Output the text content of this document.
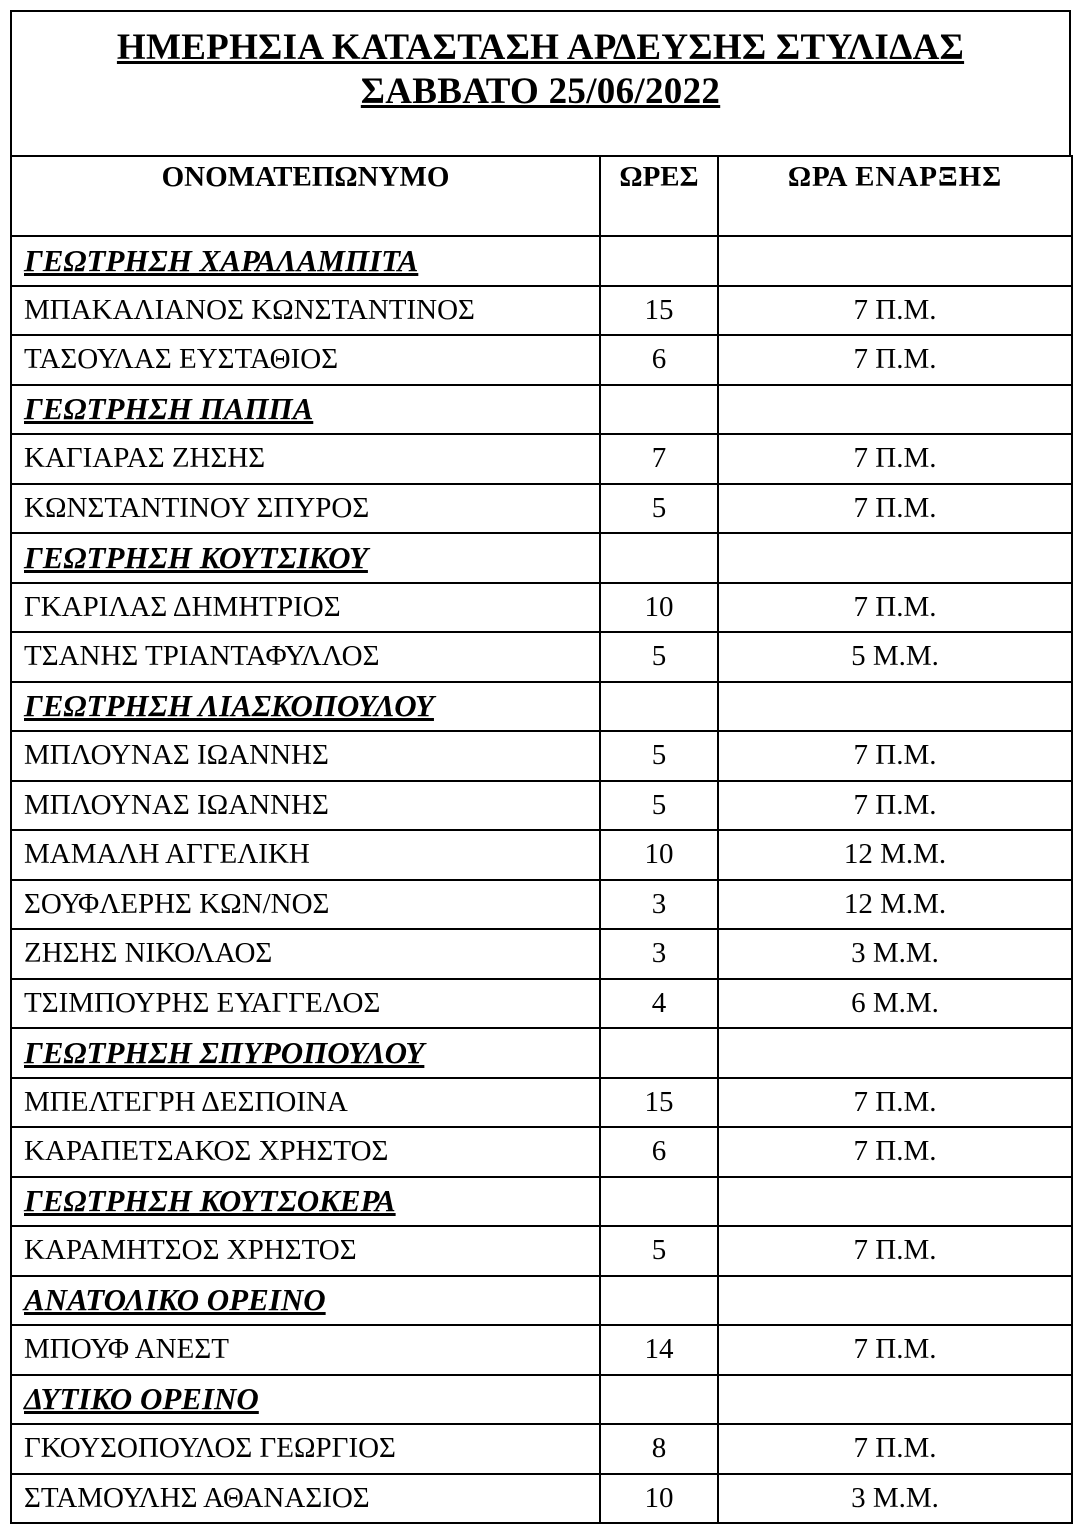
ΗΜΕΡΗΣΙΑ ΚΑΤΑΣΤΑΣΗ ΑΡΔΕΥΣΗΣ ΣΤΥΛΙΔΑΣ
ΣΑΒΒΑΤΟ 25/06/2022
ΟΝΟΜΑΤΕΠΩΝΥΜΟ	ΩΡΕΣ	ΩΡΑ ΕΝΑΡΞΗΣ
ΓΕΩΤΡΗΣΗ ΧΑΡΑΛΑΜΠΙΤΑ		
ΜΠΑΚΑΛΙΑΝΟΣ ΚΩΝΣΤΑΝΤΙΝΟΣ	15	7 Π.Μ.
ΤΑΣΟΥΛΑΣ ΕΥΣΤΑΘΙΟΣ	6	7 Π.Μ.
ΓΕΩΤΡΗΣΗ ΠΑΠΠΑ		
ΚΑΓΙΑΡΑΣ ΖΗΣΗΣ	7	7 Π.Μ.
ΚΩΝΣΤΑΝΤΙΝΟΥ ΣΠΥΡΟΣ	5	7 Π.Μ.
ΓΕΩΤΡΗΣΗ ΚΟΥΤΣΙΚΟΥ		
ΓΚΑΡΙΛΑΣ ΔΗΜΗΤΡΙΟΣ	10	7 Π.Μ.
ΤΣΑΝΗΣ ΤΡΙΑΝΤΑΦΥΛΛΟΣ	5	5 Μ.Μ.
ΓΕΩΤΡΗΣΗ ΛΙΑΣΚΟΠΟΥΛΟΥ		
ΜΠΛΟΥΝΑΣ ΙΩΑΝΝΗΣ	5	7 Π.Μ.
ΜΠΛΟΥΝΑΣ ΙΩΑΝΝΗΣ	5	7 Π.Μ.
ΜΑΜΑΛΗ ΑΓΓΕΛΙΚΗ	10	12 Μ.Μ.
ΣΟΥΦΛΕΡΗΣ ΚΩΝ/ΝΟΣ	3	12 Μ.Μ.
ΖΗΣΗΣ ΝΙΚΟΛΑΟΣ	3	3 Μ.Μ.
ΤΣΙΜΠΟΥΡΗΣ ΕΥΑΓΓΕΛΟΣ	4	6 Μ.Μ.
ΓΕΩΤΡΗΣΗ ΣΠΥΡΟΠΟΥΛΟΥ		
ΜΠΕΛΤΕΓΡΗ ΔΕΣΠΟΙΝΑ	15	7 Π.Μ.
ΚΑΡΑΠΕΤΣΑΚΟΣ ΧΡΗΣΤΟΣ	6	7 Π.Μ.
ΓΕΩΤΡΗΣΗ ΚΟΥΤΣΟΚΕΡΑ		
ΚΑΡΑΜΗΤΣΟΣ ΧΡΗΣΤΟΣ	5	7 Π.Μ.
ΑΝΑΤΟΛΙΚΟ ΟΡΕΙΝΟ		
ΜΠΟΥΦ ΑΝΕΣΤ	14	7 Π.Μ.
ΔΥΤΙΚΟ ΟΡΕΙΝΟ		
ΓΚΟΥΣΟΠΟΥΛΟΣ ΓΕΩΡΓΙΟΣ	8	7 Π.Μ.
ΣΤΑΜΟΥΛΗΣ ΑΘΑΝΑΣΙΟΣ	10	3 Μ.Μ.
